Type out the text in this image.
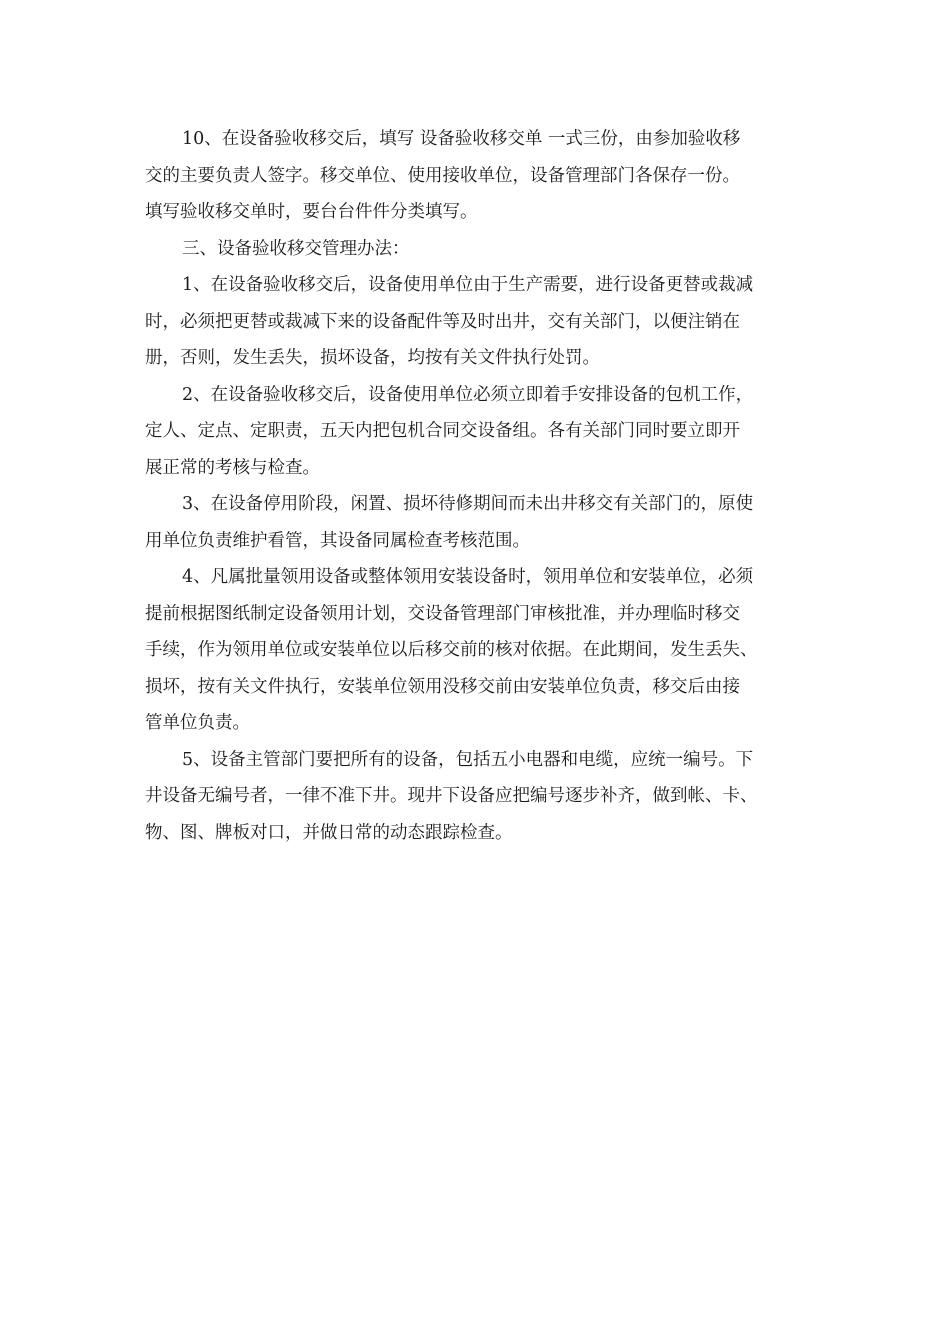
10、在设备验收移交后，填写 设备验收移交单 一式三份，由参加验收移
交的主要负责人签字。移交单位、使用接收单位，设备管理部门各保存一份。
填写验收移交单时，要台台件件分类填写。
三、设备验收移交管理办法：
1、在设备验收移交后，设备使用单位由于生产需要，进行设备更替或裁减
时，必须把更替或裁减下来的设备配件等及时出井，交有关部门，以便注销在
册，否则，发生丢失，损坏设备，均按有关文件执行处罚。
2、在设备验收移交后，设备使用单位必须立即着手安排设备的包机工作，
定人、定点、定职责，五天内把包机合同交设备组。各有关部门同时要立即开
展正常的考核与检查。
3、在设备停用阶段，闲置、损坏待修期间而未出井移交有关部门的，原使
用单位负责维护看管，其设备同属检查考核范围。
4、凡属批量领用设备或整体领用安装设备时，领用单位和安装单位，必须
提前根据图纸制定设备领用计划，交设备管理部门审核批准，并办理临时移交
手续，作为领用单位或安装单位以后移交前的核对依据。在此期间，发生丢失、
损坏，按有关文件执行，安装单位领用没移交前由安装单位负责，移交后由接
管单位负责。
5、设备主管部门要把所有的设备，包括五小电器和电缆，应统一编号。下
井设备无编号者，一律不准下井。现井下设备应把编号逐步补齐，做到帐、卡、
物、图、牌板对口，并做日常的动态跟踪检查。
